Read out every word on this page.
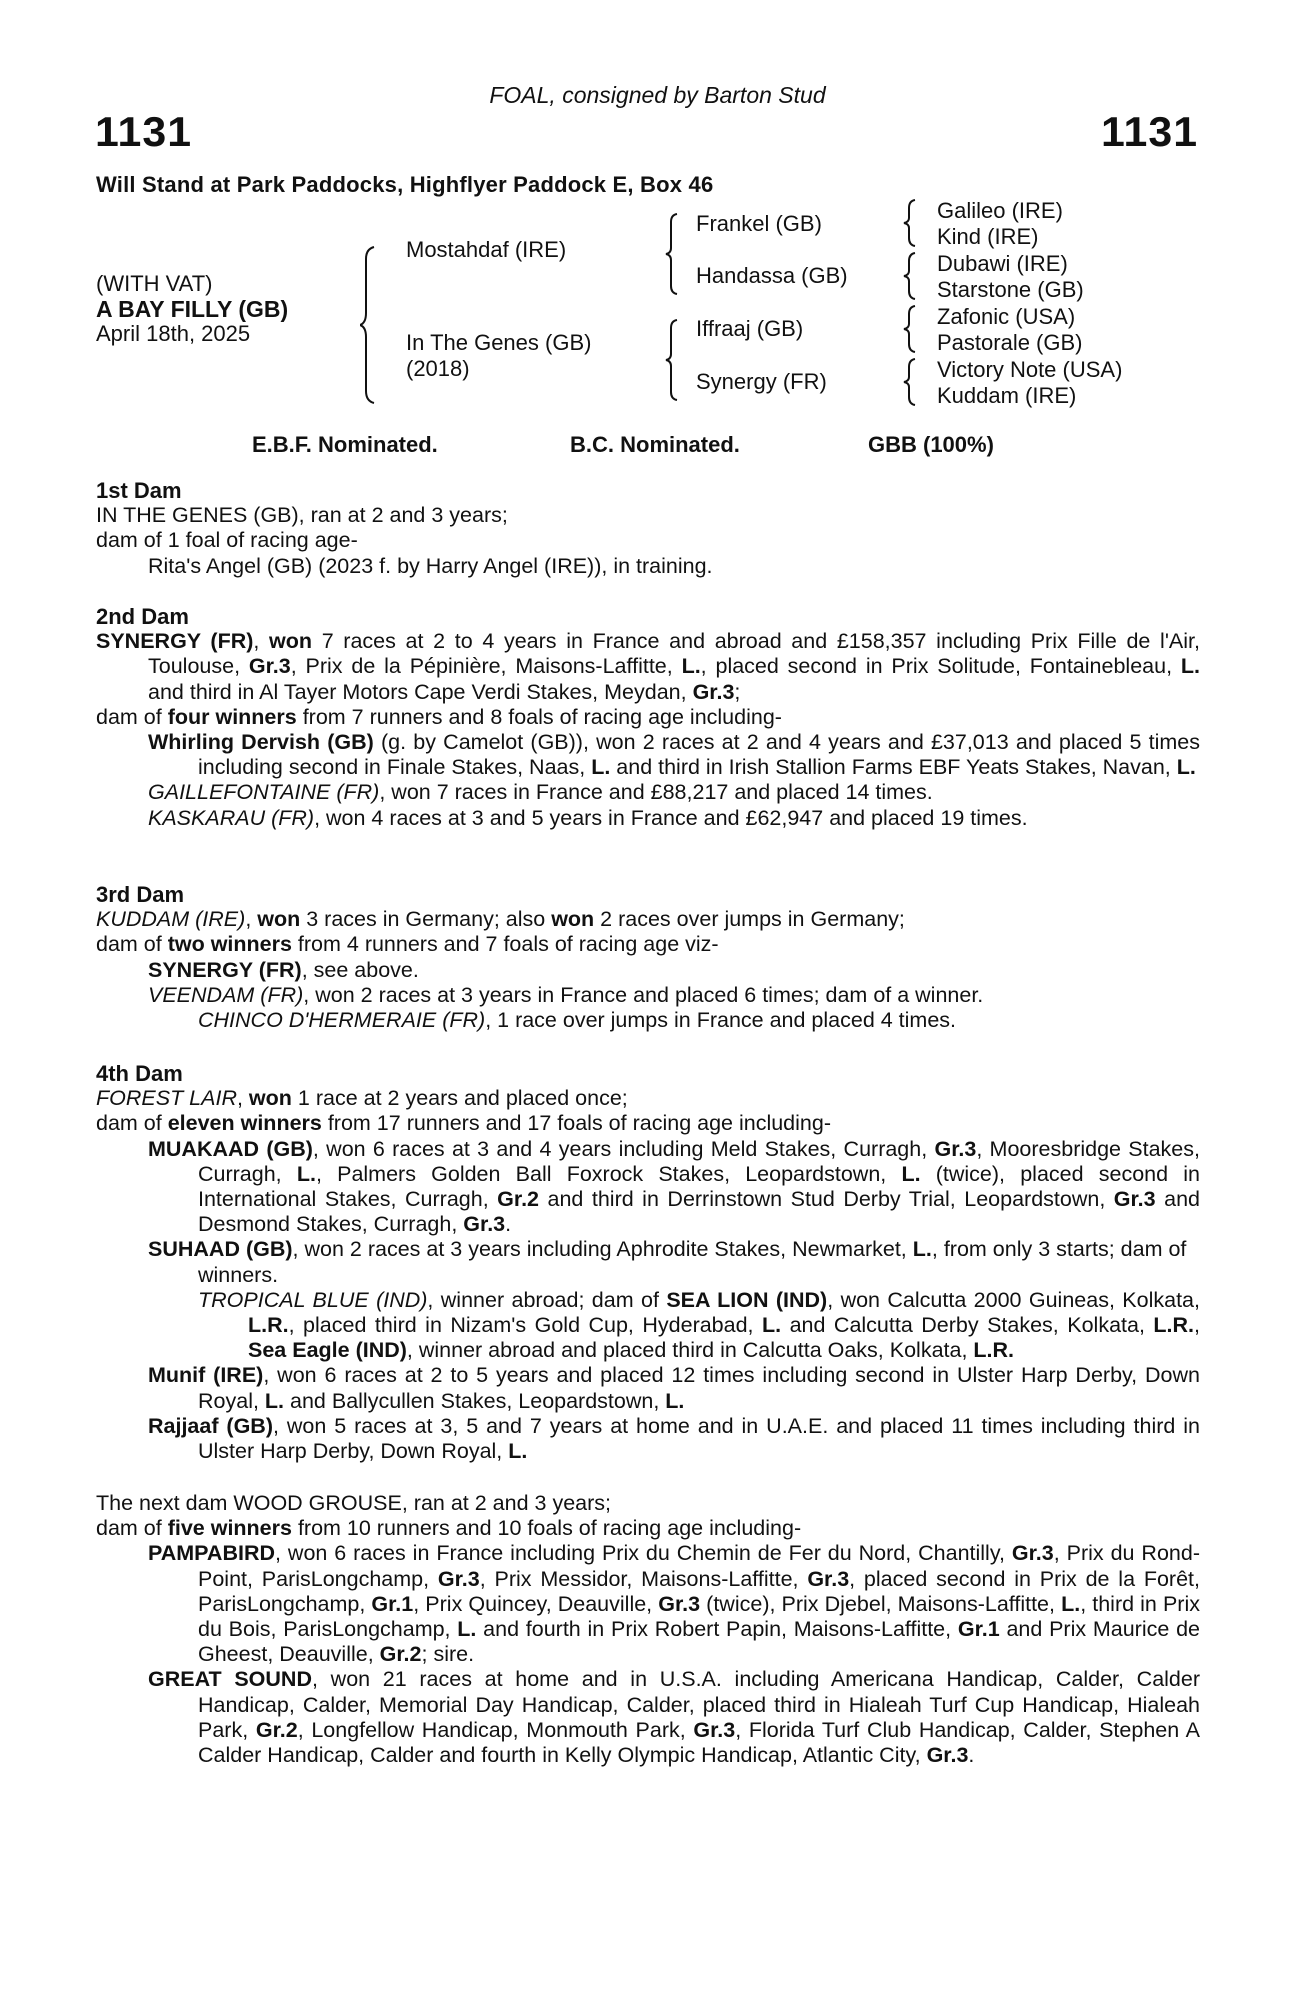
FOAL, consigned by Barton Stud
1131	1131
Will Stand at Park Paddocks, Highflyer Paddock E, Box 46
(WITH VAT)
A BAY FILLY (GB)
April 18th, 2025
Mostahdaf (IRE)
In The Genes (GB)
(2018)
Frankel (GB)
Handassa (GB)
Iffraaj (GB)
Synergy (FR)
Galileo (IRE)
Kind (IRE)
Dubawi (IRE)
Starstone (GB)
Zafonic (USA)
Pastorale (GB)
Victory Note (USA)
Kuddam (IRE)
E.B.F. Nominated.	B.C. Nominated.	GBB (100%)
1st Dam
IN THE GENES (GB), ran at 2 and 3 years;
dam of 1 foal of racing age-
Rita's Angel (GB) (2023 f. by Harry Angel (IRE)), in training.
2nd Dam
SYNERGY (FR), won 7 races at 2 to 4 years in France and abroad and £158,357 including Prix Fille de l'Air, Toulouse, Gr.3, Prix de la Pépinière, Maisons-Laffitte, L., placed second in Prix Solitude, Fontainebleau, L. and third in Al Tayer Motors Cape Verdi Stakes, Meydan, Gr.3;
dam of four winners from 7 runners and 8 foals of racing age including-
Whirling Dervish (GB) (g. by Camelot (GB)), won 2 races at 2 and 4 years and £37,013 and placed 5 times including second in Finale Stakes, Naas, L. and third in Irish Stallion Farms EBF Yeats Stakes, Navan, L.
GAILLEFONTAINE (FR), won 7 races in France and £88,217 and placed 14 times.
KASKARAU (FR), won 4 races at 3 and 5 years in France and £62,947 and placed 19 times.
3rd Dam
KUDDAM (IRE), won 3 races in Germany; also won 2 races over jumps in Germany;
dam of two winners from 4 runners and 7 foals of racing age viz-
SYNERGY (FR), see above.
VEENDAM (FR), won 2 races at 3 years in France and placed 6 times; dam of a winner.
CHINCO D'HERMERAIE (FR), 1 race over jumps in France and placed 4 times.
4th Dam
FOREST LAIR, won 1 race at 2 years and placed once;
dam of eleven winners from 17 runners and 17 foals of racing age including-
MUAKAAD (GB), won 6 races at 3 and 4 years including Meld Stakes, Curragh, Gr.3, Mooresbridge Stakes, Curragh, L., Palmers Golden Ball Foxrock Stakes, Leopardstown, L. (twice), placed second in International Stakes, Curragh, Gr.2 and third in Derrinstown Stud Derby Trial, Leopardstown, Gr.3 and Desmond Stakes, Curragh, Gr.3.
SUHAAD (GB), won 2 races at 3 years including Aphrodite Stakes, Newmarket, L., from only 3 starts; dam of winners.
TROPICAL BLUE (IND), winner abroad; dam of SEA LION (IND), won Calcutta 2000 Guineas, Kolkata, L.R., placed third in Nizam's Gold Cup, Hyderabad, L. and Calcutta Derby Stakes, Kolkata, L.R., Sea Eagle (IND), winner abroad and placed third in Calcutta Oaks, Kolkata, L.R.
Munif (IRE), won 6 races at 2 to 5 years and placed 12 times including second in Ulster Harp Derby, Down Royal, L. and Ballycullen Stakes, Leopardstown, L.
Rajjaaf (GB), won 5 races at 3, 5 and 7 years at home and in U.A.E. and placed 11 times including third in Ulster Harp Derby, Down Royal, L.
The next dam WOOD GROUSE, ran at 2 and 3 years;
dam of five winners from 10 runners and 10 foals of racing age including-
PAMPABIRD, won 6 races in France including Prix du Chemin de Fer du Nord, Chantilly, Gr.3, Prix du Rond-Point, ParisLongchamp, Gr.3, Prix Messidor, Maisons-Laffitte, Gr.3, placed second in Prix de la Forêt, ParisLongchamp, Gr.1, Prix Quincey, Deauville, Gr.3 (twice), Prix Djebel, Maisons-Laffitte, L., third in Prix du Bois, ParisLongchamp, L. and fourth in Prix Robert Papin, Maisons-Laffitte, Gr.1 and Prix Maurice de Gheest, Deauville, Gr.2; sire.
GREAT SOUND, won 21 races at home and in U.S.A. including Americana Handicap, Calder, Calder Handicap, Calder, Memorial Day Handicap, Calder, placed third in Hialeah Turf Cup Handicap, Hialeah Park, Gr.2, Longfellow Handicap, Monmouth Park, Gr.3, Florida Turf Club Handicap, Calder, Stephen A Calder Handicap, Calder and fourth in Kelly Olympic Handicap, Atlantic City, Gr.3.
